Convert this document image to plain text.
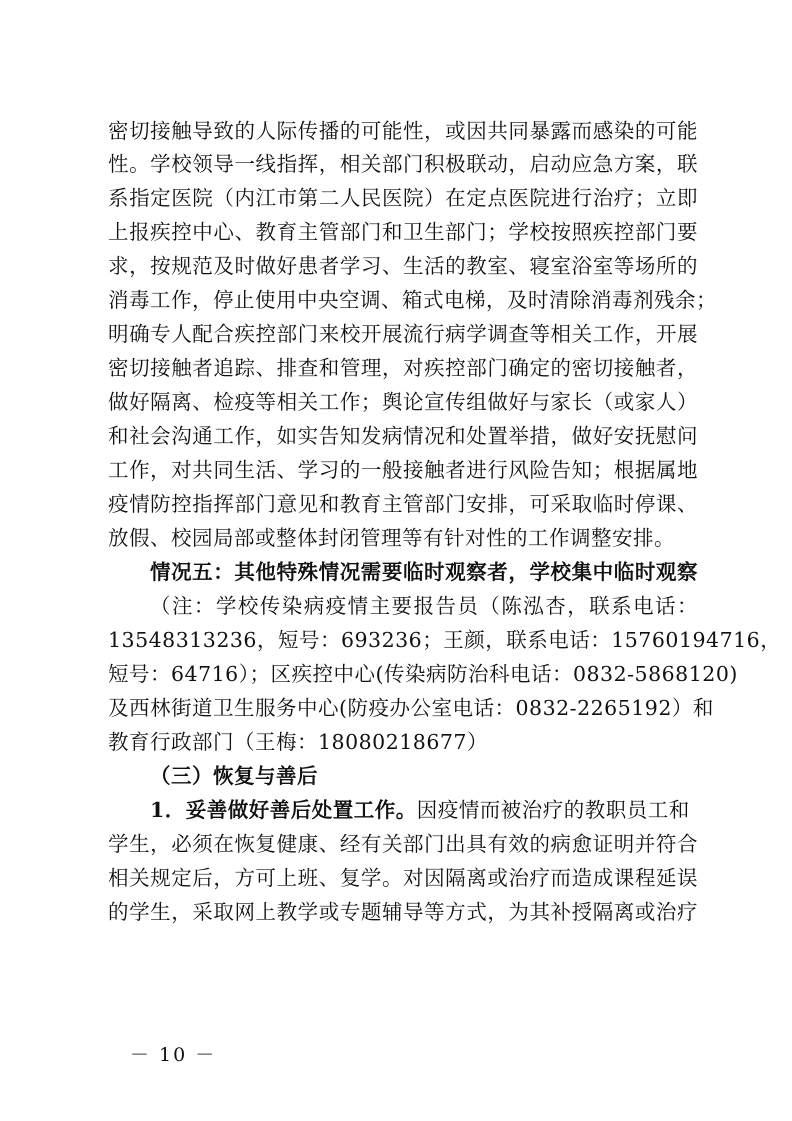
密切接触导致的人际传播的可能性，或因共同暴露而感染的可能
性。学校领导一线指挥，相关部门积极联动，启动应急方案，联
系指定医院（内江市第二人民医院）在定点医院进行治疗；立即
上报疾控中心、教育主管部门和卫生部门；学校按照疾控部门要
求，按规范及时做好患者学习、生活的教室、寝室浴室等场所的
消毒工作，停止使用中央空调、箱式电梯，及时清除消毒剂残余；
明确专人配合疾控部门来校开展流行病学调查等相关工作，开展
密切接触者追踪、排查和管理，对疾控部门确定的密切接触者，
做好隔离、检疫等相关工作；舆论宣传组做好与家长（或家人）
和社会沟通工作，如实告知发病情况和处置举措，做好安抚慰问
工作，对共同生活、学习的一般接触者进行风险告知；根据属地
疫情防控指挥部门意见和教育主管部门安排，可采取临时停课、
放假、校园局部或整体封闭管理等有针对性的工作调整安排。
情况五：其他特殊情况需要临时观察者，学校集中临时观察
（注：学校传染病疫情主要报告员（陈泓杏，联系电话：
13548313236，短号：693236；王颜，联系电话：15760194716，
短号：64716）；区疾控中心(传染病防治科电话：0832-5868120)
及西林街道卫生服务中心(防疫办公室电话：0832-2265192）和
教育行政部门（王梅：18080218677）
（三）恢复与善后
1．妥善做好善后处置工作。因疫情而被治疗的教职员工和
学生，必须在恢复健康、经有关部门出具有效的病愈证明并符合
相关规定后，方可上班、复学。对因隔离或治疗而造成课程延误
的学生，采取网上教学或专题辅导等方式，为其补授隔离或治疗
－ 10 －
